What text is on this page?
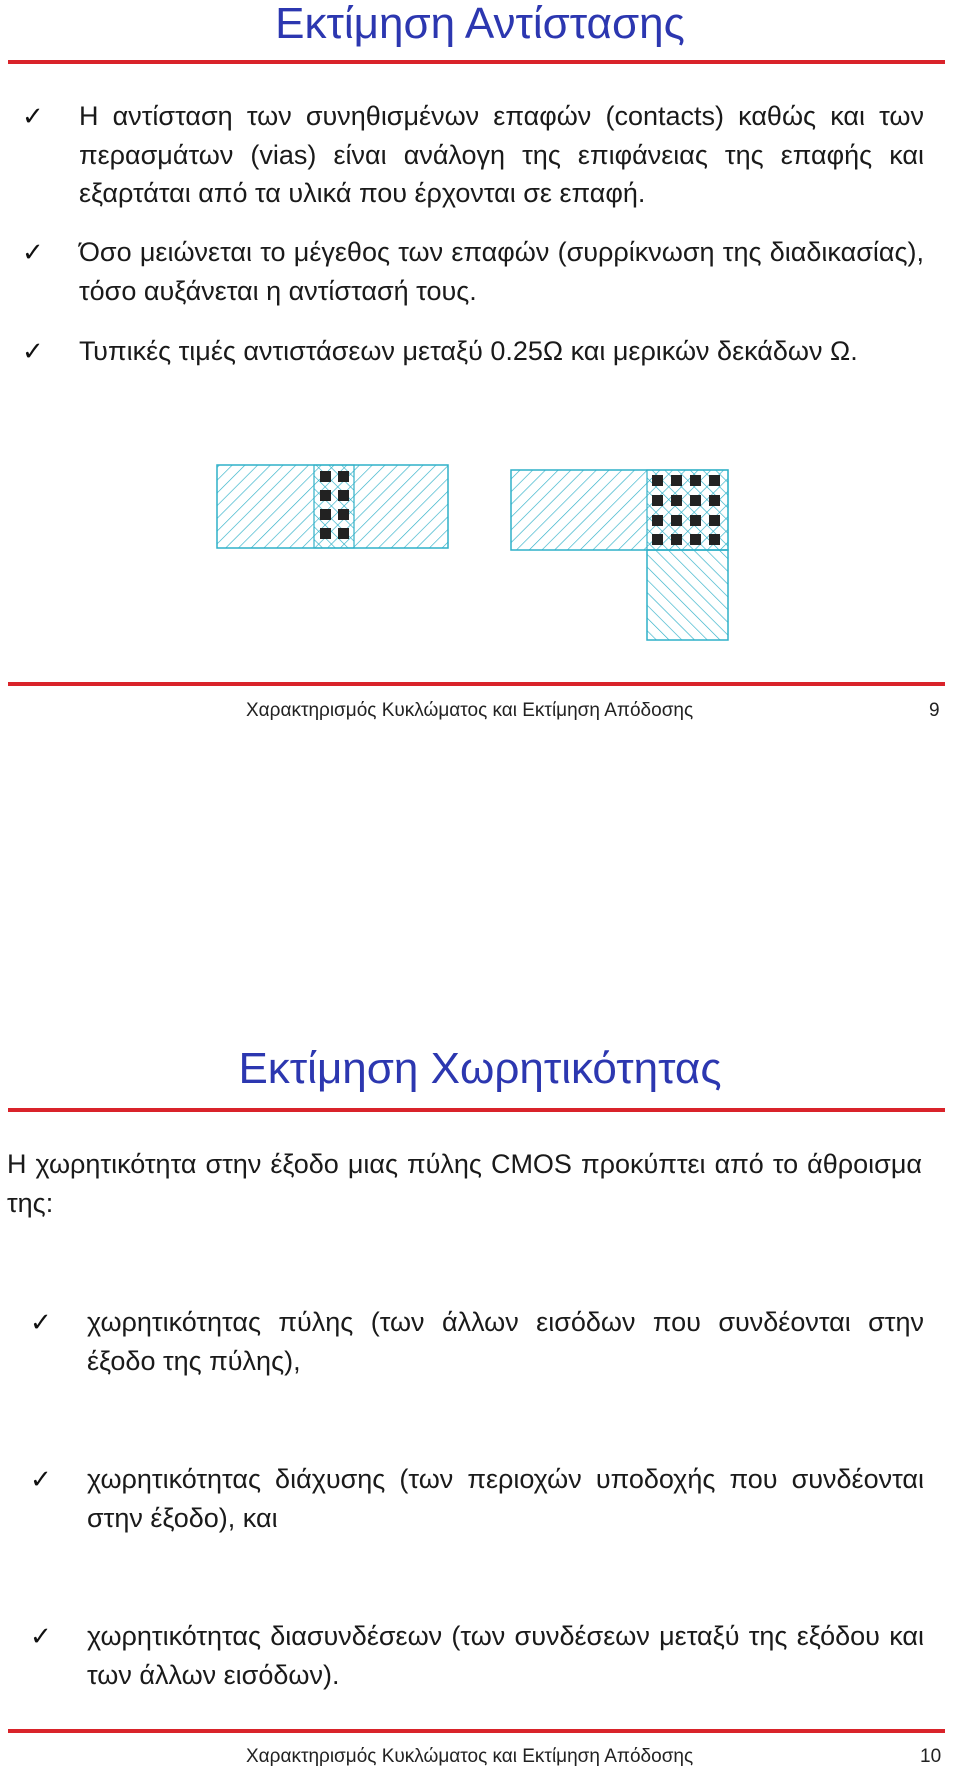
Εκτίμηση Αντίστασης
✓ Η αντίσταση των συνηθισμένων επαφών (contacts) καθώς και των περασμάτων (vias) είναι ανάλογη της επιφάνειας της επαφής και εξαρτάται από τα υλικά που έρχονται σε επαφή.

✓ Όσο μειώνεται το μέγεθος των επαφών (συρρίκνωση της διαδικασίας), τόσο αυξάνεται η αντίστασή τους.

✓ Τυπικές τιμές αντιστάσεων μεταξύ 0.25Ω και μερικών δεκάδων Ω.

Χαρακτηρισμός Κυκλώματος και Εκτίμηση Απόδοσης	9
Εκτίμηση Χωρητικότητας

Η χωρητικότητα στην έξοδο μιας πύλης CMOS προκύπτει από το άθροισμα της:

✓ χωρητικότητας πύλης (των άλλων εισόδων που συνδέονται στην έξοδο της πύλης),

✓ χωρητικότητας διάχυσης (των περιοχών υποδοχής που συνδέονται στην έξοδο), και

✓ χωρητικότητας διασυνδέσεων (των συνδέσεων μεταξύ της εξόδου και των άλλων εισόδων).

Χαρακτηρισμός Κυκλώματος και Εκτίμηση Απόδοσης	10
